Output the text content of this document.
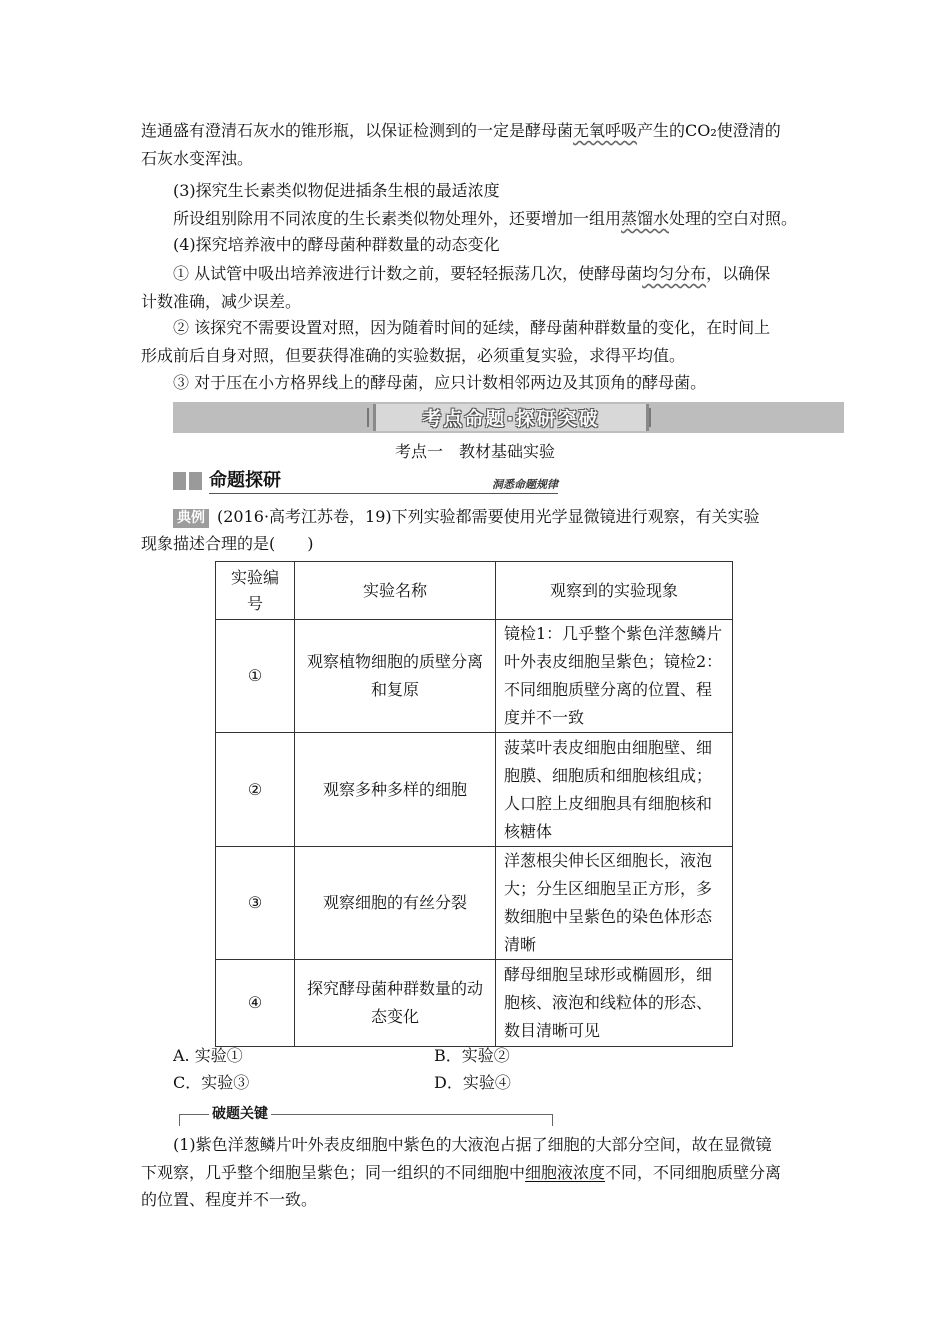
连通盛有澄清石灰水的锥形瓶，以保证检测到的一定是酵母菌无氧呼吸产生的CO₂使澄清的
石灰水变浑浊。
(3)探究生长素类似物促进插条生根的最适浓度
所设组别除用不同浓度的生长素类似物处理外，还要增加一组用蒸馏水处理的空白对照。
(4)探究培养液中的酵母菌种群数量的动态变化
① 从试管中吸出培养液进行计数之前，要轻轻振荡几次，使酵母菌均匀分布，以确保
计数准确，减少误差。
② 该探究不需要设置对照，因为随着时间的延续，酵母菌种群数量的变化，在时间上
形成前后自身对照，但要获得准确的实验数据，必须重复实验，求得平均值。
③ 对于压在小方格界线上的酵母菌，应只计数相邻两边及其顶角的酵母菌。
考点命题·探研突破
考点一　教材基础实验
命题探研	洞悉命题规律
典例 (2016·高考江苏卷，19)下列实验都需要使用光学显微镜进行观察，有关实验
现象描述合理的是(　　)
实验编号	实验名称	观察到的实验现象
①	观察植物细胞的质壁分离和复原	镜检1：几乎整个紫色洋葱鳞片叶外表皮细胞呈紫色；镜检2：不同细胞质壁分离的位置、程度并不一致
②	观察多种多样的细胞	菠菜叶表皮细胞由细胞壁、细胞膜、细胞质和细胞核组成；人口腔上皮细胞具有细胞核和核糖体
③	观察细胞的有丝分裂	洋葱根尖伸长区细胞长，液泡大；分生区细胞呈正方形，多数细胞中呈紫色的染色体形态清晰
④	探究酵母菌种群数量的动态变化	酵母细胞呈球形或椭圆形，细胞核、液泡和线粒体的形态、数目清晰可见
A. 实验①	B．实验②
C．实验③	D．实验④
破题关键
(1)紫色洋葱鳞片叶外表皮细胞中紫色的大液泡占据了细胞的大部分空间，故在显微镜
下观察，几乎整个细胞呈紫色；同一组织的不同细胞中细胞液浓度不同，不同细胞质壁分离
的位置、程度并不一致。
